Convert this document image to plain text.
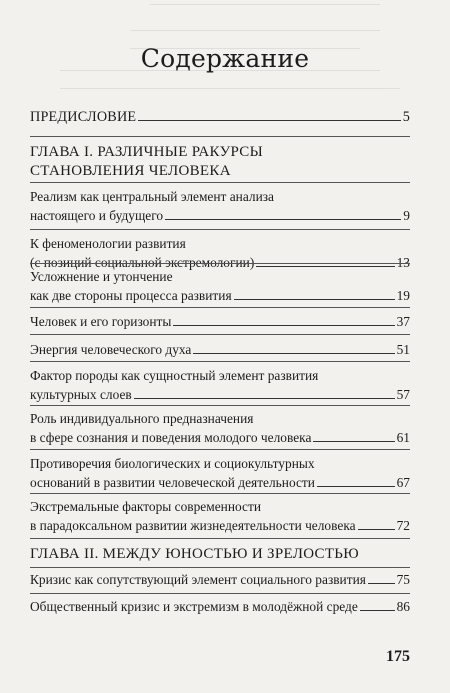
Содержание
ПРЕДИСЛОВИЕ	5
ГЛАВА I. РАЗЛИЧНЫЕ РАКУРСЫ
СТАНОВЛЕНИЯ ЧЕЛОВЕКА
Реализм как центральный элемент анализа
настоящего и будущего	9
К феноменологии развития
(с позиций социальной экстремологии)	13
Усложнение и утончение
как две стороны процесса развития	19
Человек и его горизонты	37
Энергия человеческого духа	51
Фактор породы как сущностный элемент развития
культурных слоев	57
Роль индивидуального предназначения
в сфере сознания и поведения молодого человека	61
Противоречия биологических и социокультурных
оснований в развитии человеческой деятельности	67
Экстремальные факторы современности
в парадоксальном развитии жизнедеятельности человека	72
ГЛАВА II. МЕЖДУ ЮНОСТЬЮ И ЗРЕЛОСТЬЮ
Кризис как сопутствующий элемент социального развития 75
Общественный кризис и экстремизм в молодёжной среде	86
175
